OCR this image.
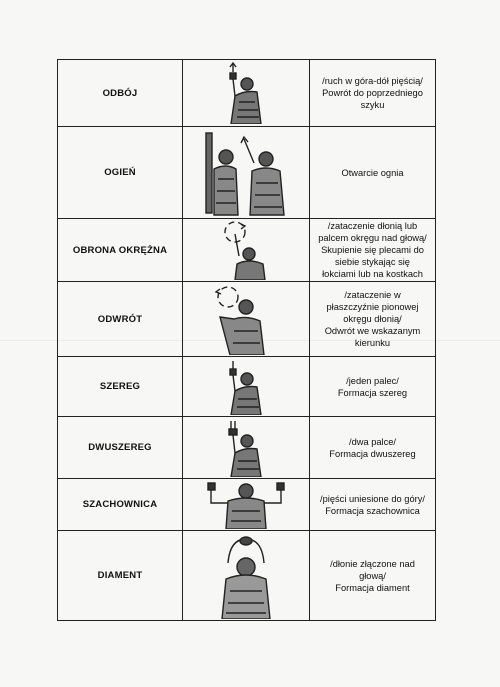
ODBÓJ		/ruch w góra-dół pięścią/
Powrót do poprzedniego
szyku

OGIEŃ		Otwarcie ognia

OBRONA OKRĘŻNA		/zataczenie dłonią lub
palcem okręgu nad głową/
Skupienie się plecami do
siebie stykając się
łokciami lub na kostkach

ODWRÓT		/zataczenie w
płaszczyźnie pionowej
okręgu dłonią/
Odwrót we wskazanym
kierunku

SZEREG		/jeden palec/
Formacja szereg

DWUSZEREG		/dwa palce/
Formacja dwuszereg

SZACHOWNICA		/pięści uniesione do góry/
Formacja szachownica

DIAMENT		/dłonie złączone nad
głową/
Formacja diament
